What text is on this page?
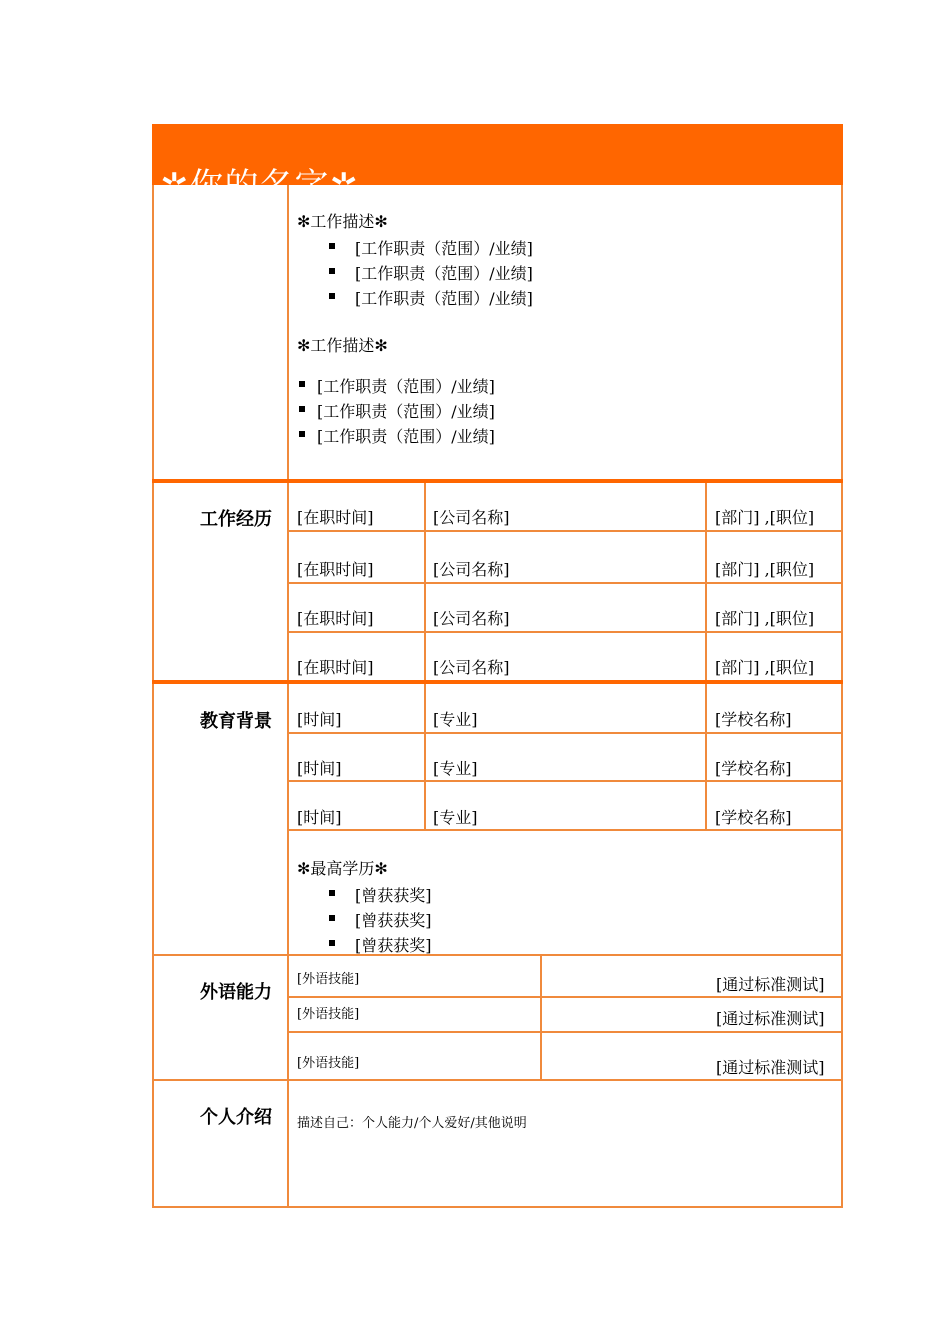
✲你的名字✲
✻工作描述✻
[工作职责（范围）/业绩]
[工作职责（范围）/业绩]
[工作职责（范围）/业绩]
✻工作描述✻
[工作职责（范围）/业绩]
[工作职责（范围）/业绩]
[工作职责（范围）/业绩]
工作经历 [在职时间]	[公司名称]	[部门] ,[职位]
[在职时间]	[公司名称]	[部门] ,[职位]
[在职时间]	[公司名称]	[部门] ,[职位]
[在职时间]	[公司名称]	[部门] ,[职位]
教育背景 [时间]	[专业]	[学校名称]
[时间]	[专业]	[学校名称]
[时间]	[专业]	[学校名称]
✻最高学历✻
[曾获获奖]
[曾获获奖]
[曾获获奖]
外语能力
[外语技能]	[通过标准测试]
[外语技能]	[通过标准测试]
[外语技能]	[通过标准测试]
个人介绍 描述自己：个人能力/个人爱好/其他说明
